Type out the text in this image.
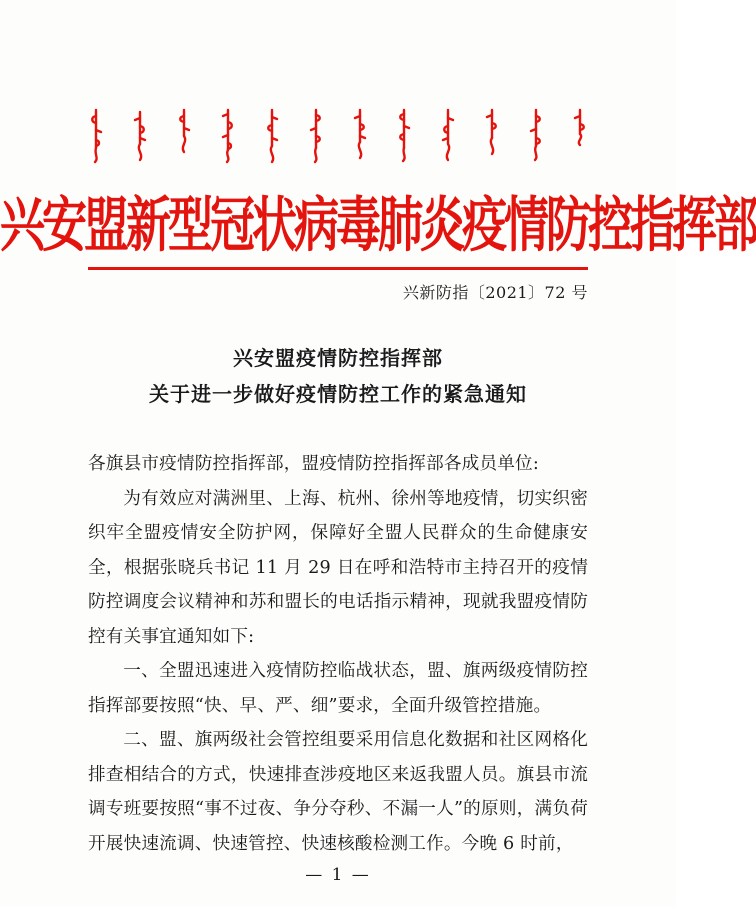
兴安盟新型冠状病毒肺炎疫情防控指挥部
兴新防指〔2021〕72 号
兴安盟疫情防控指挥部
关于进一步做好疫情防控工作的紧急通知

各旗县市疫情防控指挥部，盟疫情防控指挥部各成员单位:

为有效应对满洲里、上海、杭州、徐州等地疫情，切实织密织牢全盟疫情安全防护网，保障好全盟人民群众的生命健康安全，根据张晓兵书记 11 月 29 日在呼和浩特市主持召开的疫情防控调度会议精神和苏和盟长的电话指示精神，现就我盟疫情防控有关事宜通知如下:

一、全盟迅速进入疫情防控临战状态，盟、旗两级疫情防控指挥部要按照“快、早、严、细”要求，全面升级管控措施。

二、盟、旗两级社会管控组要采用信息化数据和社区网格化排查相结合的方式，快速排查涉疫地区来返我盟人员。旗县市流调专班要按照“事不过夜、争分夺秒、不漏一人”的原则，满负荷开展快速流调、快速管控、快速核酸检测工作。今晚 6 时前，

— 1 —
